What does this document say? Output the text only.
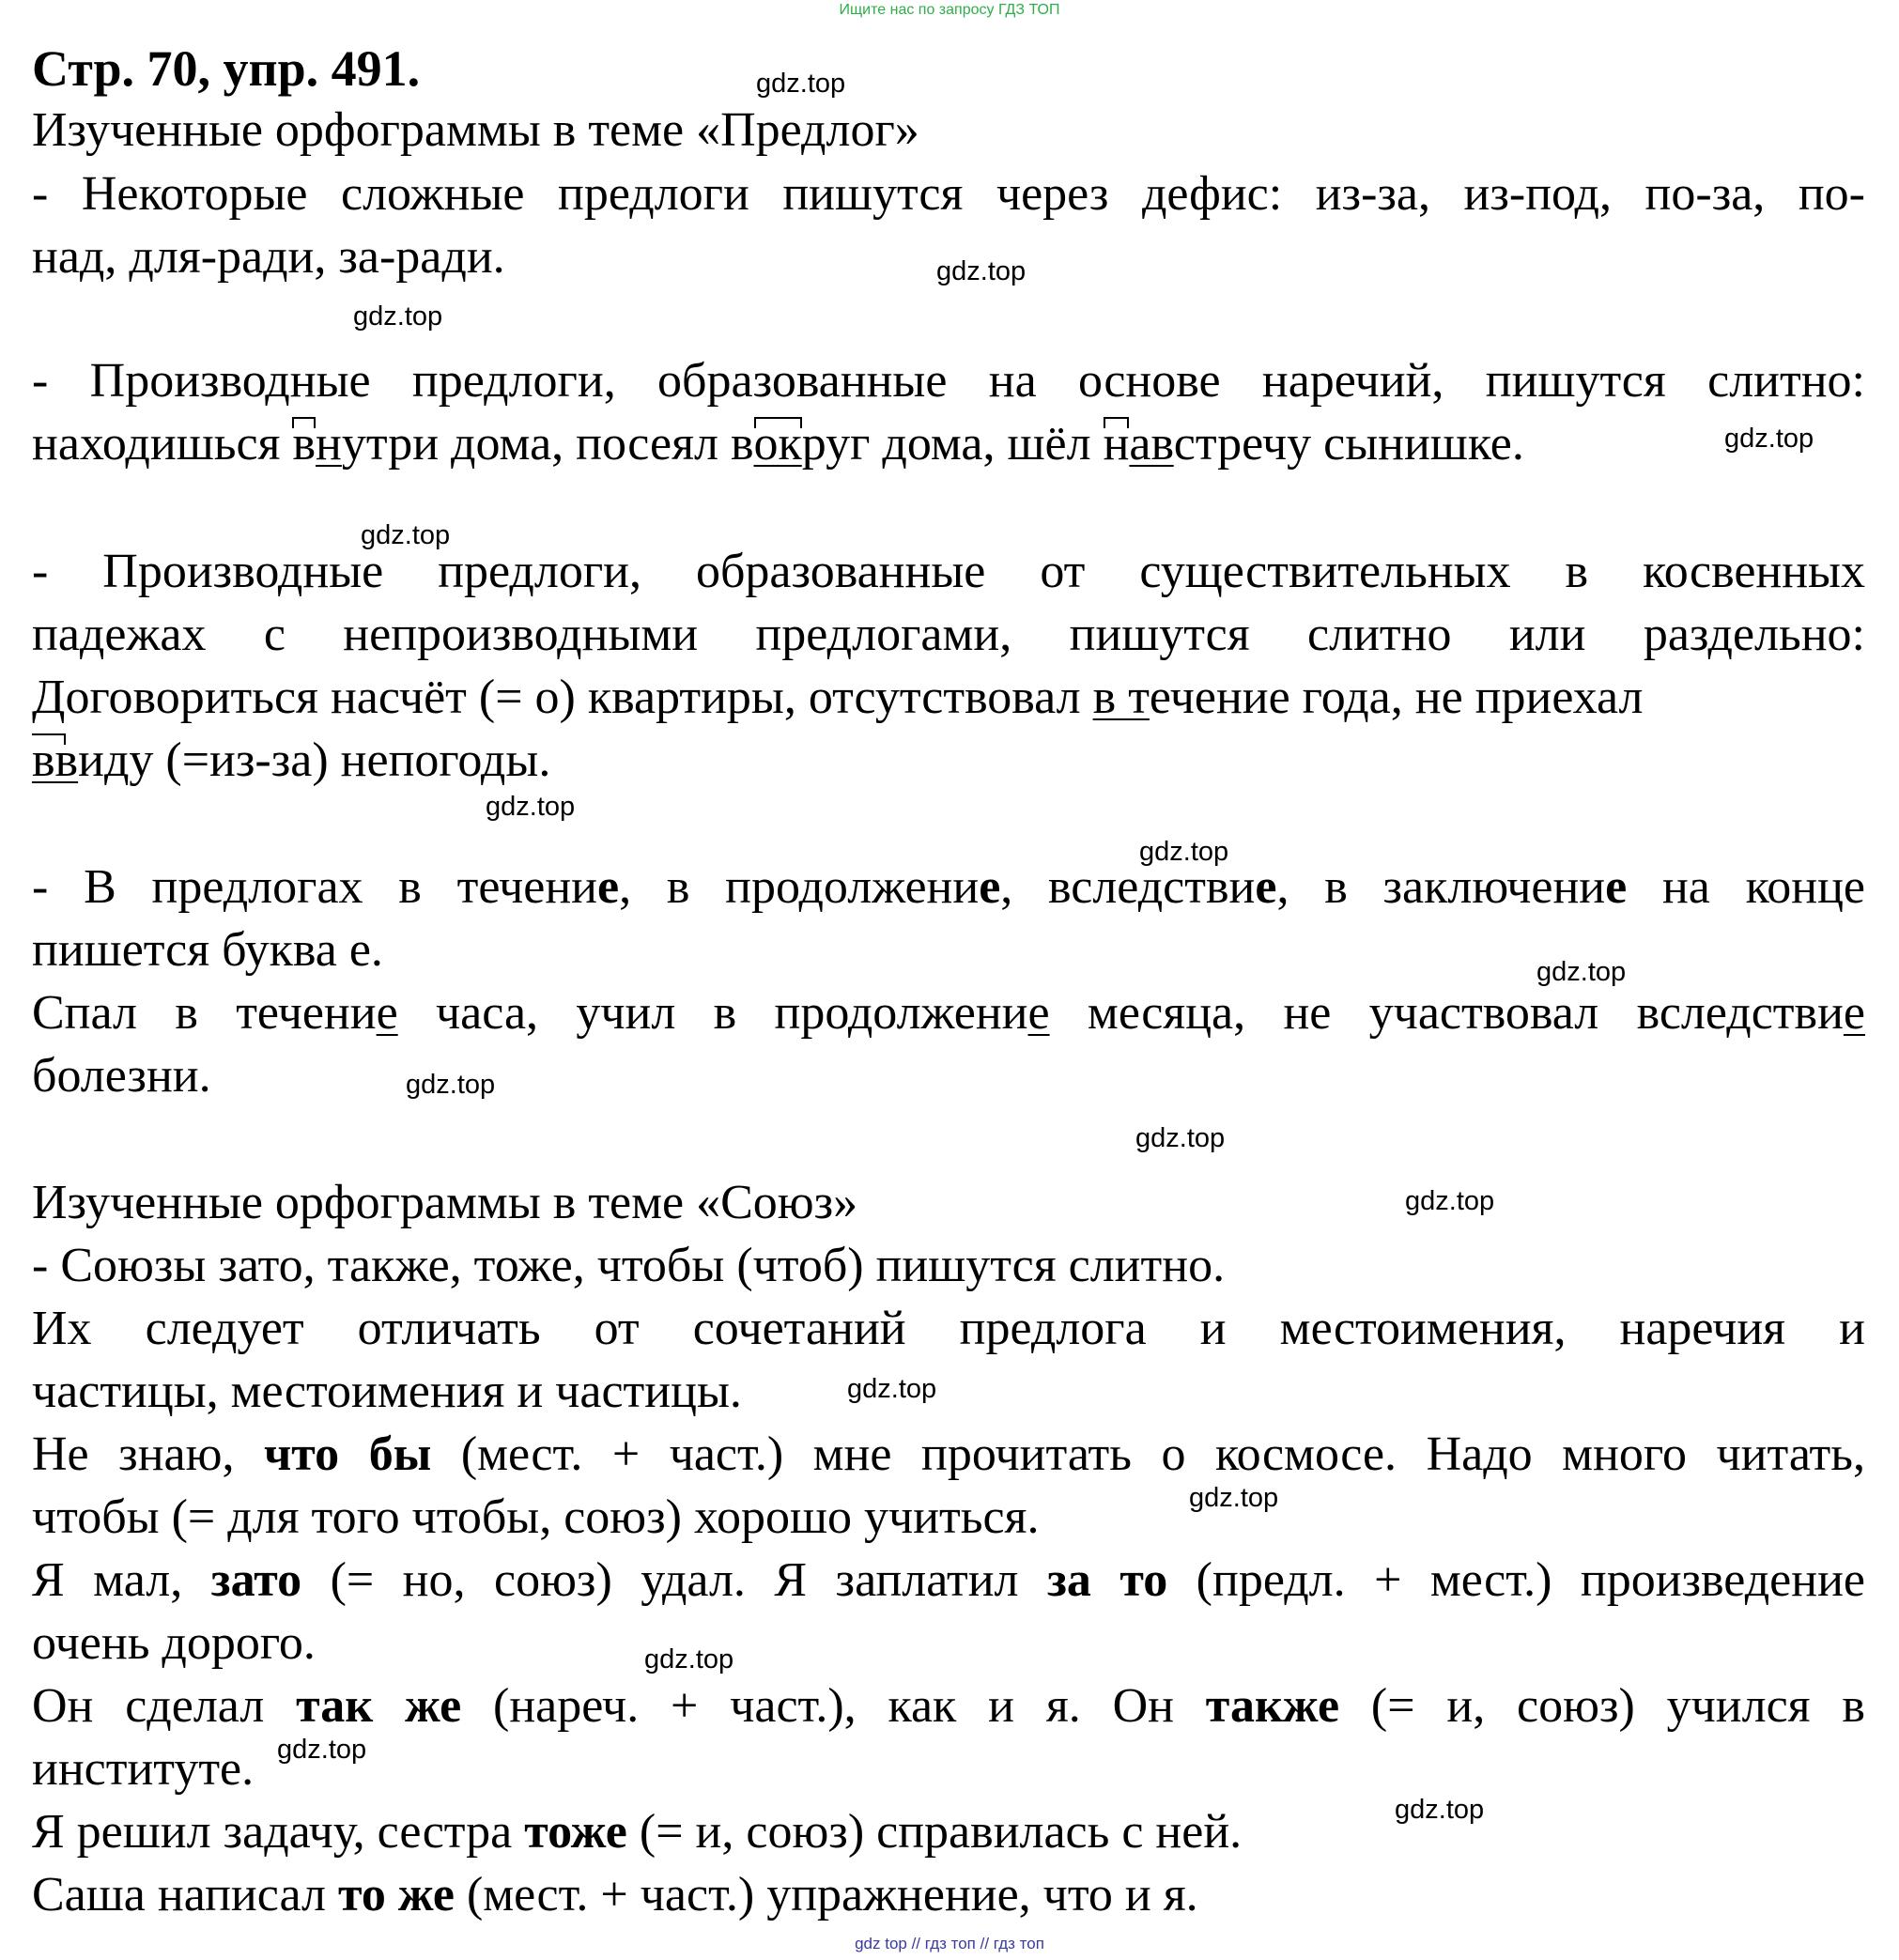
Ищите нас по запросу ГДЗ ТОП
Стр. 70, упр. 491.
Изученные орфограммы в теме «Предлог»
- Некоторые сложные предлоги пишутся через дефис: из-за, из-под, по-за, по-
над, для-ради, за-ради.
- Производные предлоги, образованные на основе наречий, пишутся слитно:
находишься внутри дома, посеял вокруг дома, шёл навстречу сынишке.
- Производные предлоги, образованные от существительных в косвенных
падежах с непроизводными предлогами, пишутся слитно или раздельно:
Договориться насчёт (= о) квартиры, отсутствовал в течение года, не приехал
ввиду (=из-за) непогоды.
- В предлогах в течение, в продолжение, вследствие, в заключение на конце
пишется буква е.
Спал в течение часа, учил в продолжение месяца, не участвовал вследствие
болезни.
Изученные орфограммы в теме «Союз»
- Союзы зато, также, тоже, чтобы (чтоб) пишутся слитно.
Их следует отличать от сочетаний предлога и местоимения, наречия и
частицы, местоимения и частицы.
Не знаю, что бы (мест. + част.) мне прочитать о космосе. Надо много читать,
чтобы (= для того чтобы, союз) хорошо учиться.
Я мал, зато (= но, союз) удал. Я заплатил за то (предл. + мест.) произведение
очень дорого.
Он сделал так же (нареч. + част.), как и я. Он также (= и, союз) учился в
институте.
Я решил задачу, сестра тоже (= и, союз) справилась с ней.
Саша написал то же (мест. + част.) упражнение, что и я.
gdz.top
gdz.top
gdz.top
gdz.top
gdz.top
gdz.top
gdz.top
gdz.top
gdz.top
gdz.top
gdz.top
gdz.top
gdz.top
gdz.top
gdz.top
gdz.top
gdz top // гдз топ // гдз топ
